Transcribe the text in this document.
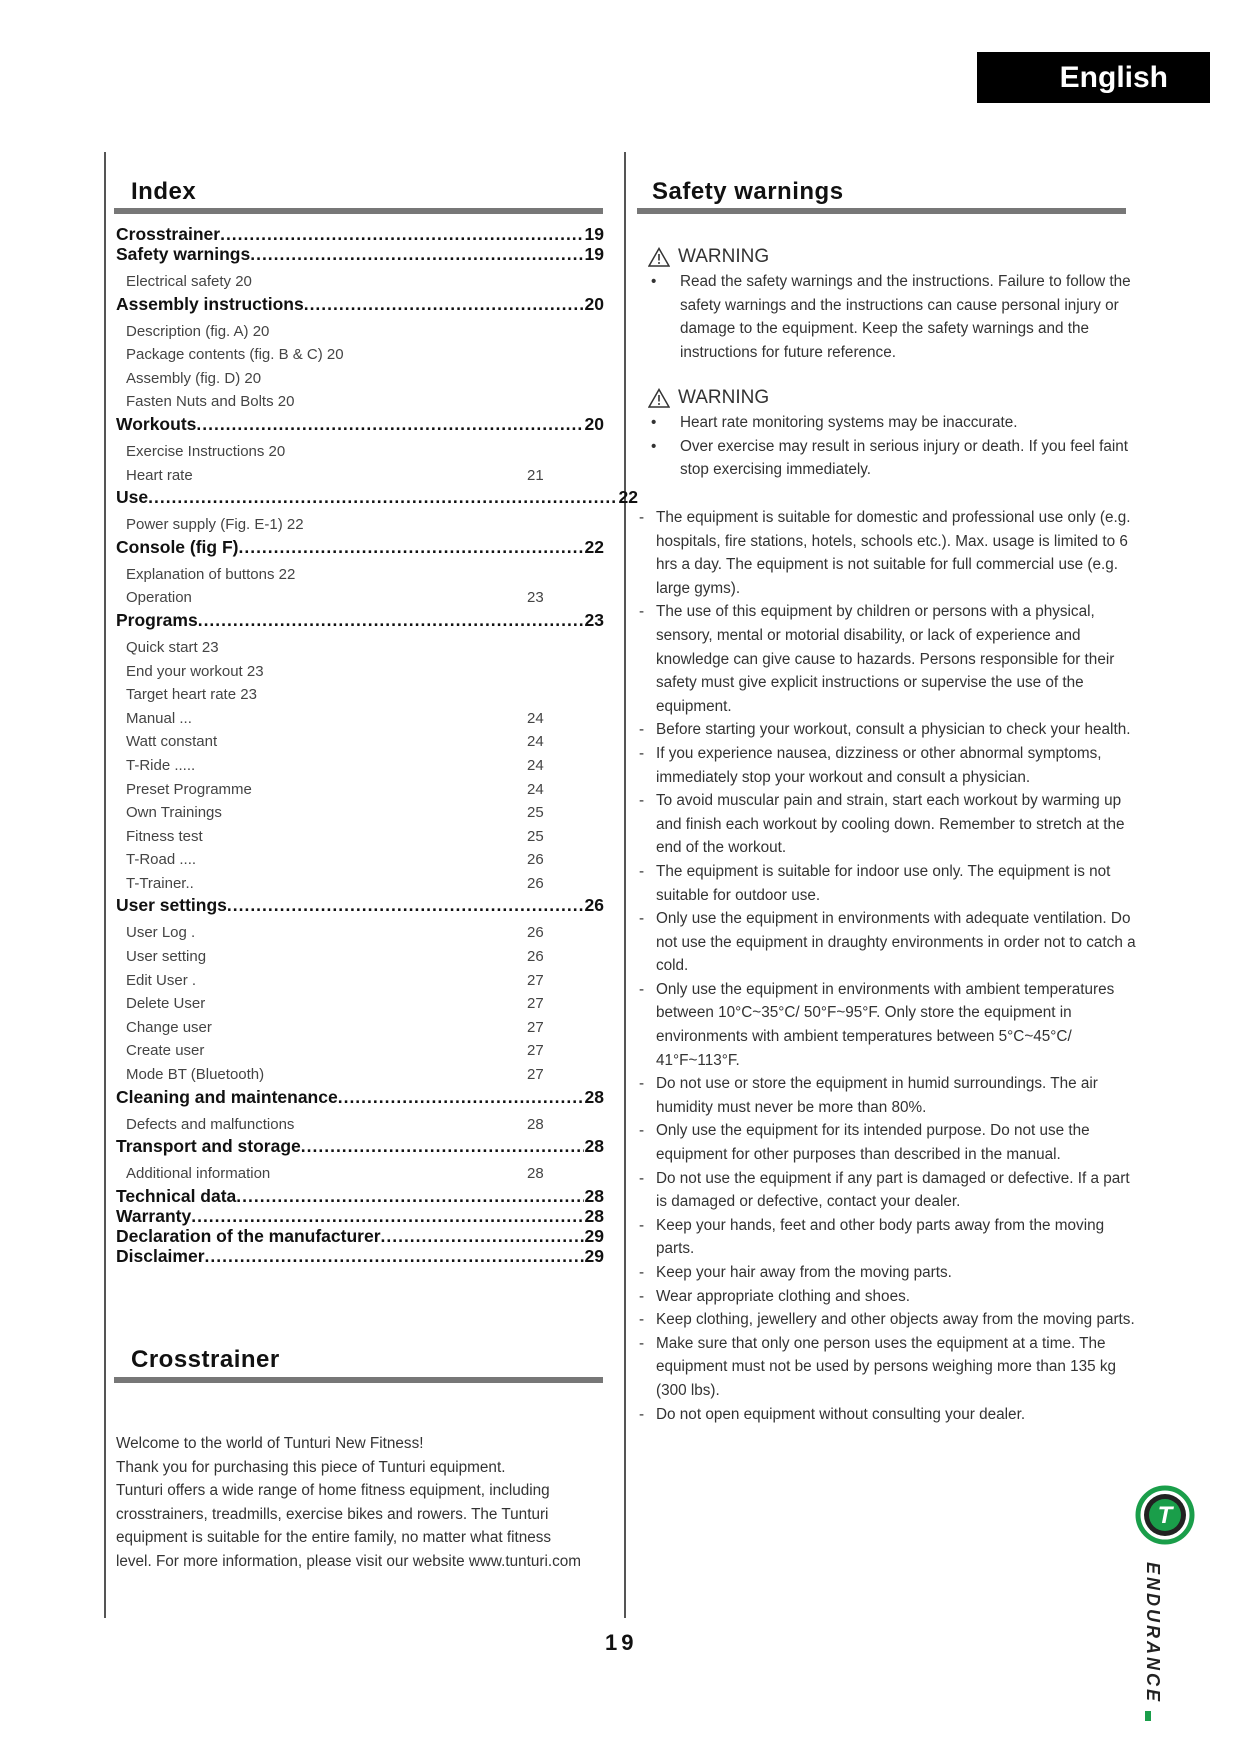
English
Index
Crosstrainer .....	19
Safety warnings .....	19
Electrical safety 20
Assembly instructions .....	20
Description (fig. A) 20
Package contents (fig. B & C) 20
Assembly (fig. D) 20
Fasten Nuts and Bolts 20
Workouts .....	20
Exercise Instructions 20
Heart rate	21
Use .....	22
Power supply (Fig. E-1) 22
Console (fig F) .....	22
Explanation of buttons 22
Operation	23
Programs .....	23
Quick start 23
End your workout 23
Target heart rate 23
Manual ...	24
Watt constant	24
T-Ride .....	24
Preset Programme	24
Own Trainings	25
Fitness test	25
T-Road ....	26
T-Trainer..	26
User settings .....	26
User Log .	26
User setting	26
Edit User .	27
Delete User	27
Change user	27
Create user	27
Mode BT (Bluetooth)	27
Cleaning and maintenance .....	28
Defects and malfunctions	28
Transport and storage .....	28
Additional information	28
Technical data .....	28
Warranty .....	28
Declaration of the manufacturer .....	29
Disclaimer .....	29
Crosstrainer

Welcome to the world of Tunturi New Fitness!

Thank you for purchasing this piece of Tunturi equipment.

Tunturi offers a wide range of home fitness equipment, including

crosstrainers, treadmills, exercise bikes and rowers. The Tunturi

equipment is suitable for the entire family, no matter what fitness

level. For more information, please visit our website www.tunturi.com

Safety warnings
WARNING
• Read the safety warnings and the instructions. Failure to follow the safety warnings and the instructions can cause personal injury or damage to the equipment. Keep the safety warnings and the instructions for future reference.
WARNING
• Heart rate monitoring systems may be inaccurate.
• Over exercise may result in serious injury or death. If you feel faint stop exercising immediately.
- The equipment is suitable for domestic and professional use only (e.g. hospitals, fire stations, hotels, schools etc.). Max. usage is limited to 6 hrs a day. The equipment is not suitable for full commercial use (e.g. large gyms).
- The use of this equipment by children or persons with a physical, sensory, mental or motorial disability, or lack of experience and knowledge can give cause to hazards. Persons responsible for their safety must give explicit instructions or supervise the use of the equipment.
- Before starting your workout, consult a physician to check your health.
- If you experience nausea, dizziness or other abnormal symptoms, immediately stop your workout and consult a physician.
- To avoid muscular pain and strain, start each workout by warming up and finish each workout by cooling down. Remember to stretch at the end of the workout.
- The equipment is suitable for indoor use only. The equipment is not suitable for outdoor use.
- Only use the equipment in environments with adequate ventilation. Do not use the equipment in draughty environments in order not to catch a cold.
- Only use the equipment in environments with ambient temperatures between 10°C~35°C/ 50°F~95°F. Only store the equipment in environments with ambient temperatures between 5°C~45°C/ 41°F~113°F.
- Do not use or store the equipment in humid surroundings. The air humidity must never be more than 80%.
- Only use the equipment for its intended purpose. Do not use the equipment for other purposes than described in the manual.
- Do not use the equipment if any part is damaged or defective. If a part is damaged or defective, contact your dealer.
- Keep your hands, feet and other body parts away from the moving parts.
- Keep your hair away from the moving parts.
- Wear appropriate clothing and shoes.
- Keep clothing, jewellery and other objects away from the moving parts.
- Make sure that only one person uses the equipment at a time. The equipment must not be used by persons weighing more than 135 kg (300 lbs).
- Do not open equipment without consulting your dealer.
19
T
ENDURANCE
